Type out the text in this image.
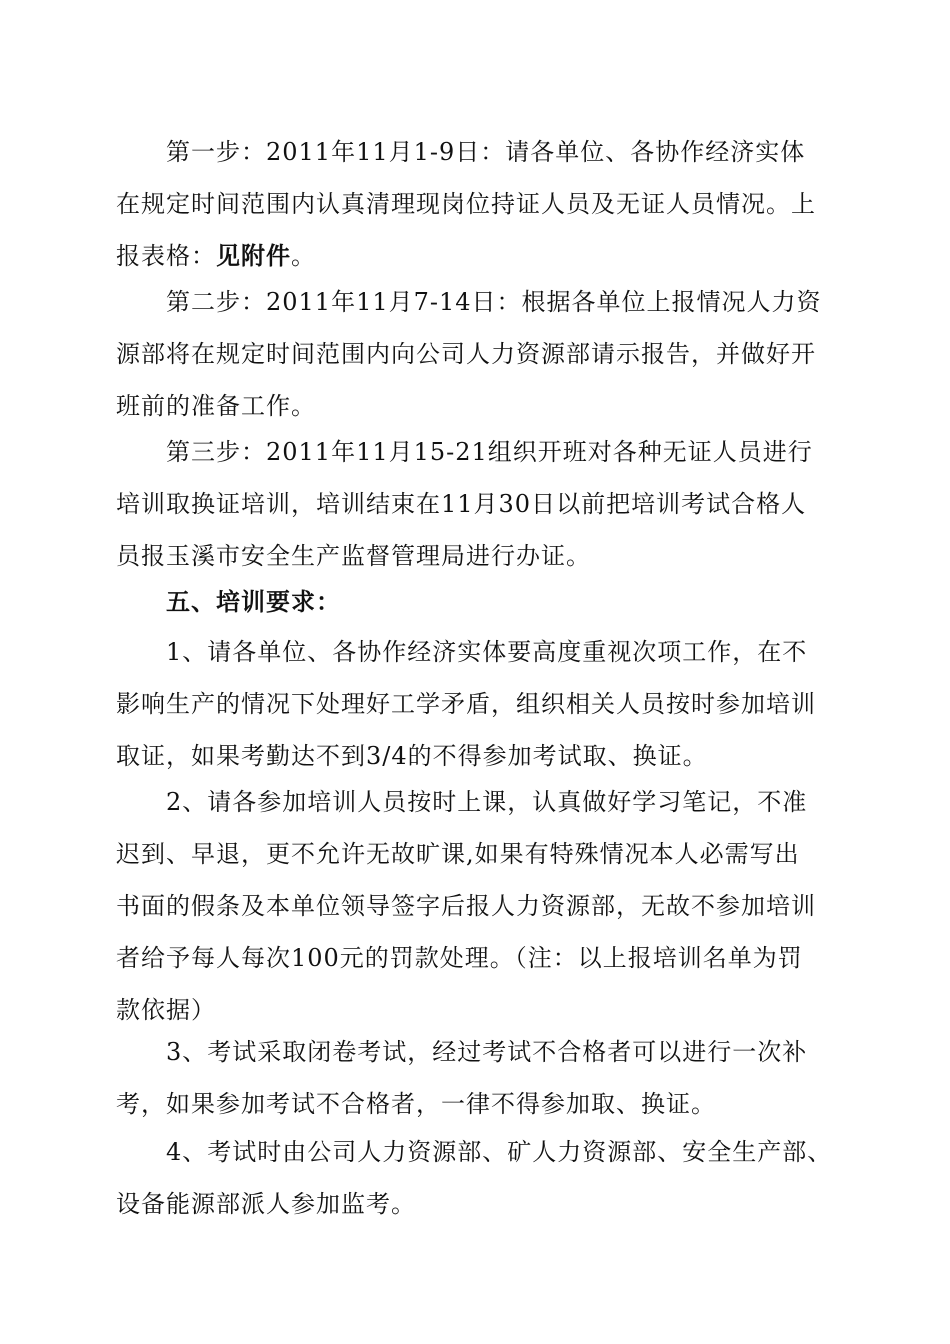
第一步：2011年11月1-9日：请各单位、各协作经济实体
在规定时间范围内认真清理现岗位持证人员及无证人员情况。上
报表格：见附件。
第二步：2011年11月7-14日：根据各单位上报情况人力资
源部将在规定时间范围内向公司人力资源部请示报告，并做好开
班前的准备工作。
第三步：2011年11月15-21组织开班对各种无证人员进行
培训取换证培训，培训结束在11月30日以前把培训考试合格人
员报玉溪市安全生产监督管理局进行办证。
五、培训要求：
1、请各单位、各协作经济实体要高度重视次项工作，在不
影响生产的情况下处理好工学矛盾，组织相关人员按时参加培训
取证，如果考勤达不到3/4的不得参加考试取、换证。
2、请各参加培训人员按时上课，认真做好学习笔记，不准
迟到、早退，更不允许无故旷课,如果有特殊情况本人必需写出
书面的假条及本单位领导签字后报人力资源部，无故不参加培训
者给予每人每次100元的罚款处理。（注：以上报培训名单为罚
款依据）
3、考试采取闭卷考试，经过考试不合格者可以进行一次补
考，如果参加考试不合格者，一律不得参加取、换证。
4、考试时由公司人力资源部、矿人力资源部、安全生产部、
设备能源部派人参加监考。
